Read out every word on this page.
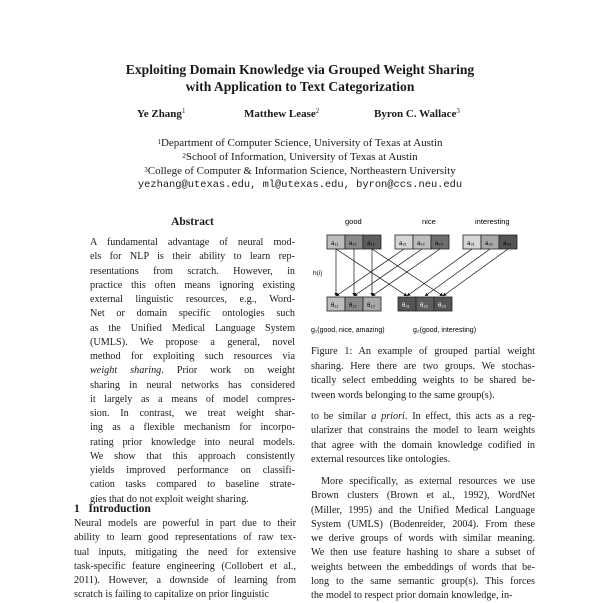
Exploiting Domain Knowledge via Grouped Weight Sharing
with Application to Text Categorization
Ye Zhang$^1$	Matthew Lease$^2$	Byron C. Wallace$^3$
$^1$Department of Computer Science, University of Texas at Austin
$^2$School of Information, University of Texas at Austin
$^3$College of Computer & Information Science, Northeastern University
yezhang@utexas.edu, ml@utexas.edu, byron@ccs.neu.edu
Abstract
A fundamental advantage of neural mod-
els for NLP is their ability to learn rep-
resentations from scratch. However, in
practice this often means ignoring existing
external linguistic resources, e.g., Word-
Net or domain specific ontologies such
as the Unified Medical Language System
(UMLS). We propose a general, novel
method for exploiting such resources via
weight sharing. Prior work on weight
sharing in neural networks has considered
it largely as a means of model compres-
sion. In contrast, we treat weight shar-
ing as a flexible mechanism for incorpo-
rating prior knowledge into neural models.
We show that this approach consistently
yields improved performance on classifi-
cation tasks compared to baseline strate-
gies that do not exploit weight sharing.
1   Introduction
Neural models are powerful in part due to their
ability to learn good representations of raw tex-
tual inputs, mitigating the need for extensive
task-specific feature engineering (Collobert et al.,
2011). However, a downside of learning from
scratch is failing to capitalize on prior linguistic
good	nice	interesting
a₁₁ a₁₂ a₁₃	a₂₁ a₂₂ a₂₃	a₃₁ a₃₂ a₃₃
h(i)
θ₁₁ θ₁₂ θ₁₃	θ₂₁ θ₂₂ θ₂₃
g₁(good, nice, amazing)	g₂(good, interesting)
Figure 1: An example of grouped partial weight
sharing. Here there are two groups. We stochas-
tically select embedding weights to be shared be-
tween words belonging to the same group(s).
to be similar a priori. In effect, this acts as a reg-
ularizer that constrains the model to learn weights
that agree with the domain knowledge codified in
external resources like ontologies.
More specifically, as external resources we use
Brown clusters (Brown et al., 1992), WordNet
(Miller, 1995) and the Unified Medical Language
System (UMLS) (Bodenreider, 2004). From these
we derive groups of words with similar meaning.
We then use feature hashing to share a subset of
weights between the embeddings of words that be-
long to the same semantic group(s). This forces
the model to respect prior domain knowledge, in-
